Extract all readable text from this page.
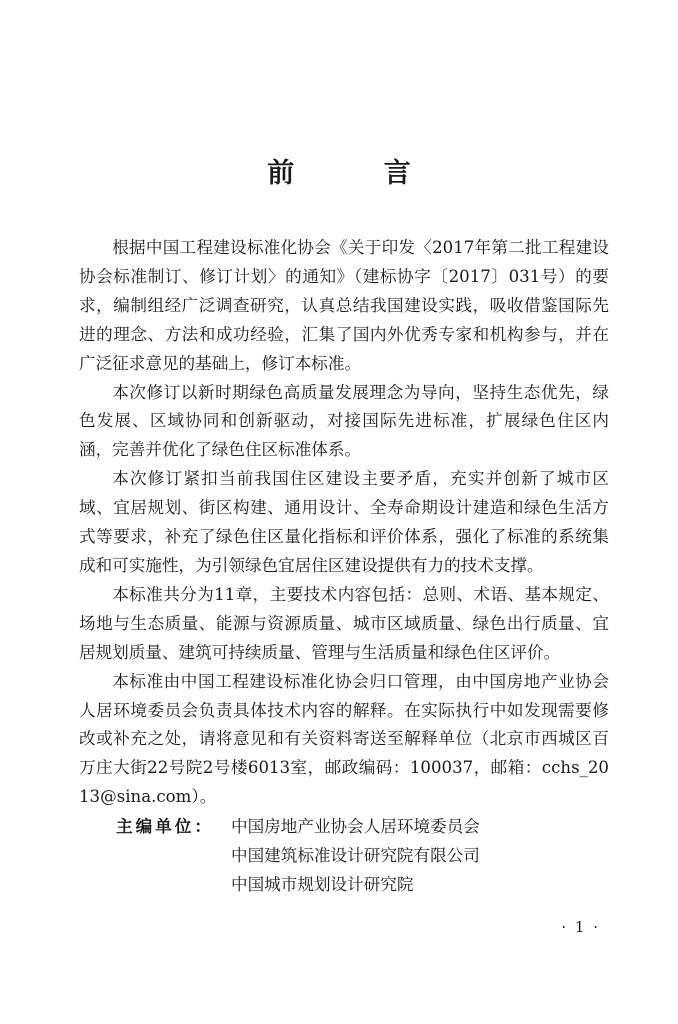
前 言

根据中国工程建设标准化协会《关于印发〈2017年第二批工程建设协会标准制订、修订计划〉的通知》（建标协字〔2017〕031号）的要求，编制组经广泛调查研究，认真总结我国建设实践，吸收借鉴国际先进的理念、方法和成功经验，汇集了国内外优秀专家和机构参与，并在广泛征求意见的基础上，修订本标准。

本次修订以新时期绿色高质量发展理念为导向，坚持生态优先，绿色发展、区域协同和创新驱动，对接国际先进标准，扩展绿色住区内涵，完善并优化了绿色住区标准体系。

本次修订紧扣当前我国住区建设主要矛盾，充实并创新了城市区域、宜居规划、街区构建、通用设计、全寿命期设计建造和绿色生活方式等要求，补充了绿色住区量化指标和评价体系，强化了标准的系统集成和可实施性，为引领绿色宜居住区建设提供有力的技术支撑。

本标准共分为11章，主要技术内容包括：总则、术语、基本规定、场地与生态质量、能源与资源质量、城市区域质量、绿色出行质量、宜居规划质量、建筑可持续质量、管理与生活质量和绿色住区评价。

本标准由中国工程建设标准化协会归口管理，由中国房地产业协会人居环境委员会负责具体技术内容的解释。在实际执行中如发现需要修改或补充之处，请将意见和有关资料寄送至解释单位（北京市西城区百万庄大街22号院2号楼6013室，邮政编码：100037，邮箱：cchs_2013@sina.com）。

主编单位：	中国房地产业协会人居环境委员会
中国建筑标准设计研究院有限公司
中国城市规划设计研究院
· 1 ·
